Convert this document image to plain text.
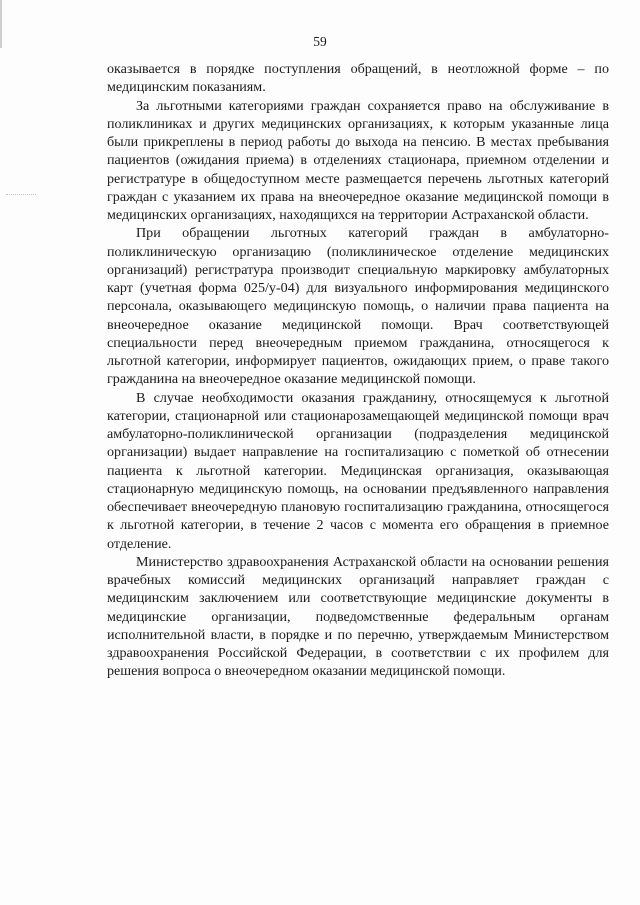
59

оказывается в порядке поступления обращений, в неотложной форме – по медицинским показаниям.

За льготными категориями граждан сохраняется право на обслуживание в поликлиниках и других медицинских организациях, к которым указанные лица были прикреплены в период работы до выхода на пенсию. В местах пребывания пациентов (ожидания приема) в отделениях стационара, приемном отделении и регистратуре в общедоступном месте размещается перечень льготных категорий граждан с указанием их права на внеочередное оказание медицинской помощи в медицинских организациях, находящихся на территории Астраханской области.

При обращении льготных категорий граждан в амбулаторно-поликлиническую организацию (поликлиническое отделение медицинских организаций) регистратура производит специальную маркировку амбулаторных карт (учетная форма 025/у-04) для визуального информирования медицинского персонала, оказывающего медицинскую помощь, о наличии права пациента на внеочередное оказание медицинской помощи. Врач соответствующей специальности перед внеочередным приемом гражданина, относящегося к льготной категории, информирует пациентов, ожидающих прием, о праве такого гражданина на внеочередное оказание медицинской помощи.

В случае необходимости оказания гражданину, относящемуся к льготной категории, стационарной или стационарозамещающей медицинской помощи врач амбулаторно-поликлинической организации (подразделения медицинской организации) выдает направление на госпитализацию с пометкой об отнесении пациента к льготной категории. Медицинская организация, оказывающая стационарную медицинскую помощь, на основании предъявленного направления обеспечивает внеочередную плановую госпитализацию гражданина, относящегося к льготной категории, в течение 2 часов с момента его обращения в приемное отделение.

Министерство здравоохранения Астраханской области на основании решения врачебных комиссий медицинских организаций направляет граждан с медицинским заключением или соответствующие медицинские документы в медицинские организации, подведомственные федеральным органам исполнительной власти, в порядке и по перечню, утверждаемым Министерством здравоохранения Российской Федерации, в соответствии с их профилем для решения вопроса о внеочередном оказании медицинской помощи.
